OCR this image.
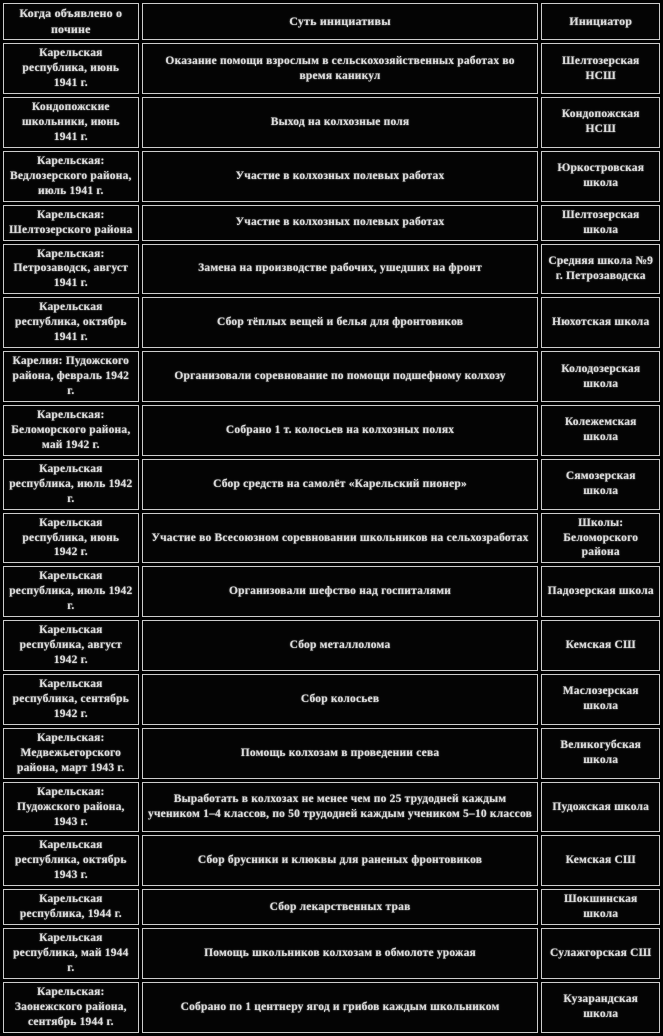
Когда объявлено о почине	Суть инициативы	Инициатор
Карельская республика, июнь 1941 г.	Оказание помощи взрослым в сельскохозяйственных работах во время каникул	Шелтозерская НСШ
Кондопожские школьники, июнь 1941 г.	Выход на колхозные поля	Кондопожская НСШ
Карельская: Ведлозерского района, июль 1941 г.	Участие в колхозных полевых работах	Юркостровская школа
Карельская: Шелтозерского района	Участие в колхозных полевых работах	Шелтозерская школа
Карельская: Петрозаводск, август 1941 г.	Замена на производстве рабочих, ушедших на фронт	Средняя школа №9 г. Петрозаводска
Карельская республика, октябрь 1941 г.	Сбор тёплых вещей и белья для фронтовиков	Нюхотская школа
Карелия: Пудожского района, февраль 1942 г.	Организовали соревнование по помощи подшефному колхозу	Колодозерская школа
Карельская: Беломорского района, май 1942 г.	Собрано 1 т. колосьев на колхозных полях	Колежемская школа
Карельская республика, июль 1942 г.	Сбор средств на самолёт «Карельский пионер»	Сямозерская школа
Карельская республика, июнь 1942 г.	Участие во Всесоюзном соревновании школьников на сельхозработах	Школы: Беломорского района
Карельская республика, июль 1942 г.	Организовали шефство над госпиталями	Падозерская школа
Карельская республика, август 1942 г.	Сбор металлолома	Кемская СШ
Карельская республика, сентябрь 1942 г.	Сбор колосьев	Маслозерская школа
Карельская: Медвежьегорского района, март 1943 г.	Помощь колхозам в проведении сева	Великогубская школа
Карельская: Пудожского района, 1943 г.	Выработать в колхозах не менее чем по 25 трудодней каждым учеником 1–4 классов, по 50 трудодней каждым учеником 5–10 классов	Пудожская школа
Карельская республика, октябрь 1943 г.	Сбор брусники и клюквы для раненых фронтовиков	Кемская СШ
Карельская республика, 1944 г.	Сбор лекарственных трав	Шокшинская школа
Карельская республика, май 1944 г.	Помощь школьников колхозам в обмолоте урожая	Сулажгорская СШ
Карельская: Заонежского района, сентябрь 1944 г.	Собрано по 1 центнеру ягод и грибов каждым школьником	Кузарандская школа
